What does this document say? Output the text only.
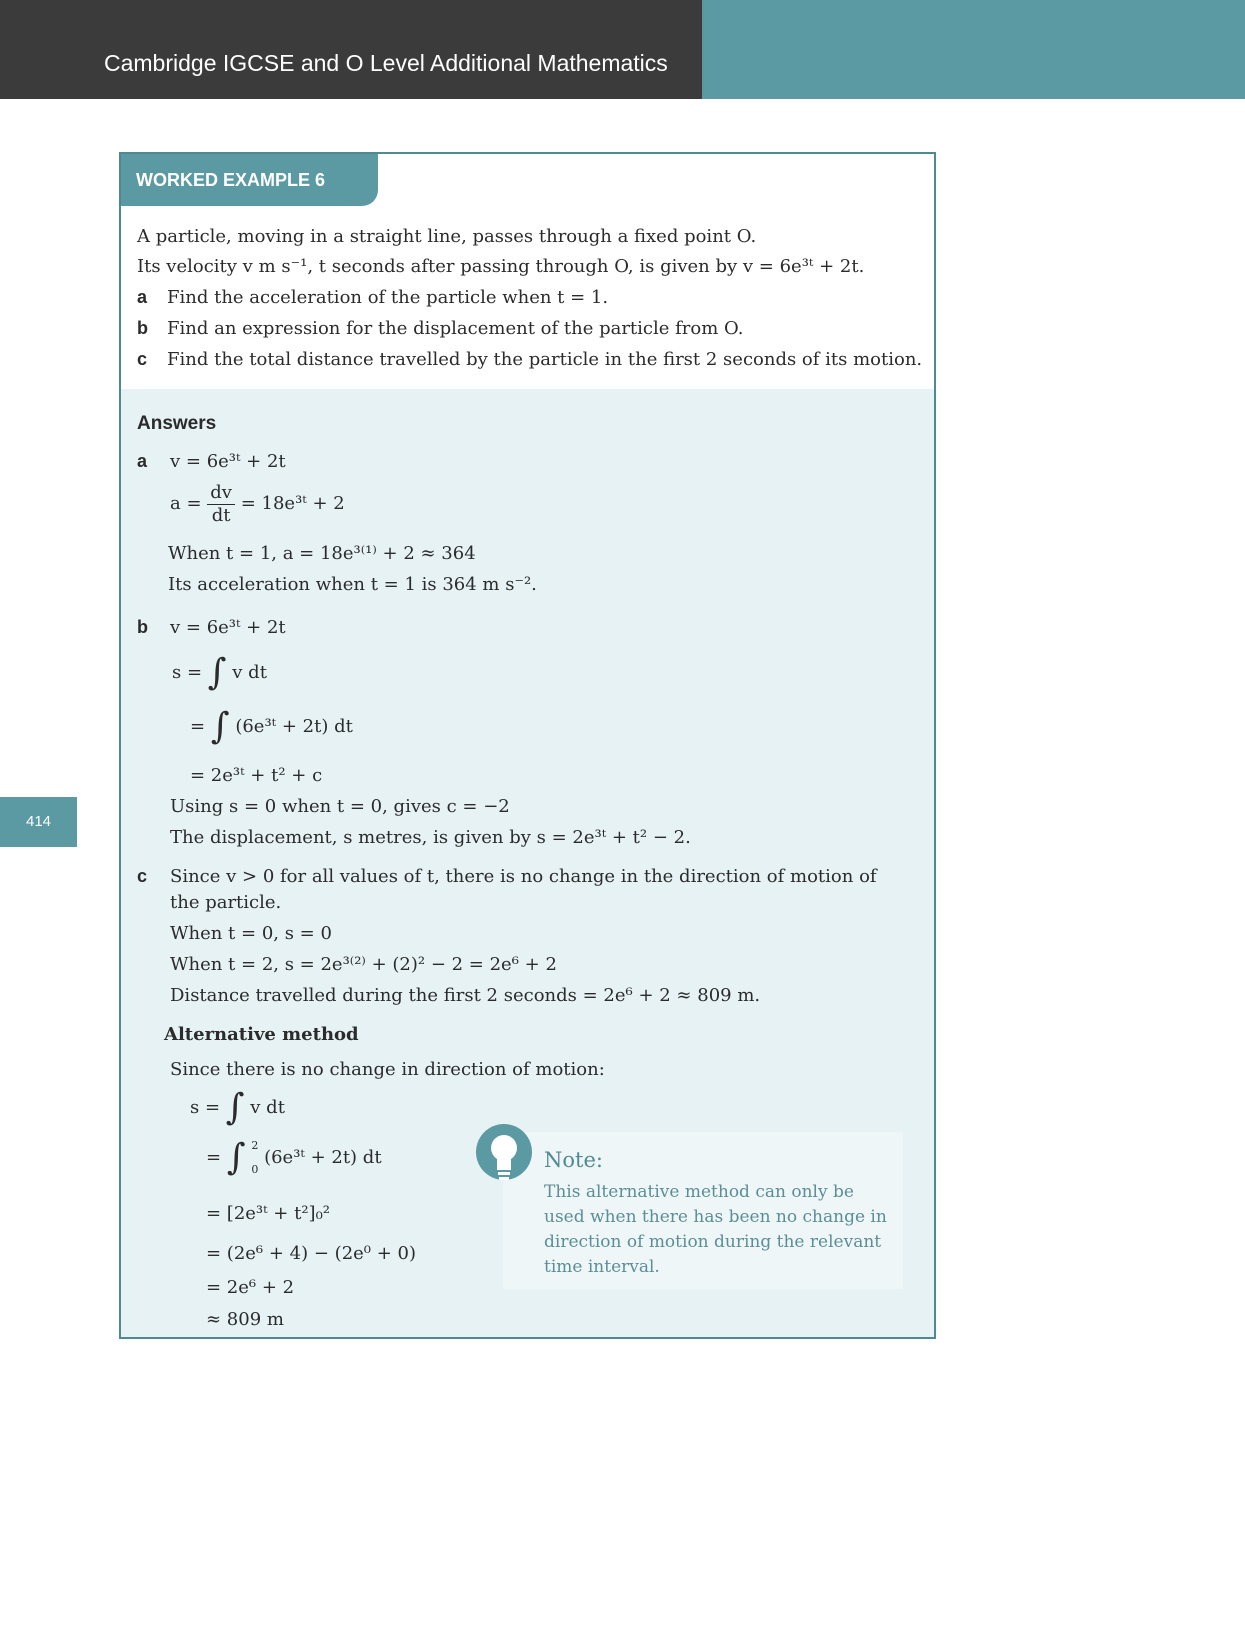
Cambridge IGCSE and O Level Additional Mathematics
414
WORKED EXAMPLE 6
A particle, moving in a straight line, passes through a fixed point O.
Its velocity v m s⁻¹, t seconds after passing through O, is given by v = 6e³ᵗ + 2t.
a Find the acceleration of the particle when t = 1.
b Find an expression for the displacement of the particle from O.
c Find the total distance travelled by the particle in the first 2 seconds of its motion.
Answers
a v = 6e³ᵗ + 2t
$a = \frac{dv}{dt}$ = 18e³ᵗ + 2
When t = 1, a = 18e³⁽¹⁾ + 2 ≈ 364
Its acceleration when t = 1 is 364 m s⁻².
b v = 6e³ᵗ + 2t
s = ∫ v dt
= ∫ (6e³ᵗ + 2t) dt
= 2e³ᵗ + t² + c
Using s = 0 when t = 0, gives c = −2
The displacement, s metres, is given by s = 2e³ᵗ + t² − 2.
c Since v > 0 for all values of t, there is no change in the direction of motion of
the particle.
When t = 0, s = 0
When t = 2, s = 2e³⁽²⁾ + (2)² − 2 = 2e⁶ + 2
Distance travelled during the first 2 seconds = 2e⁶ + 2 ≈ 809 m.
Alternative method
Since there is no change in direction of motion:
s = ∫ v dt
= ∫ 2
0
(6e³ᵗ + 2t) dt
= [2e³ᵗ + t²]₀²
= (2e⁶ + 4) − (2e⁰ + 0)
= 2e⁶ + 2
≈ 809 m
Note:
This alternative method can only be used when there has been no change in direction of motion during the relevant time interval.
